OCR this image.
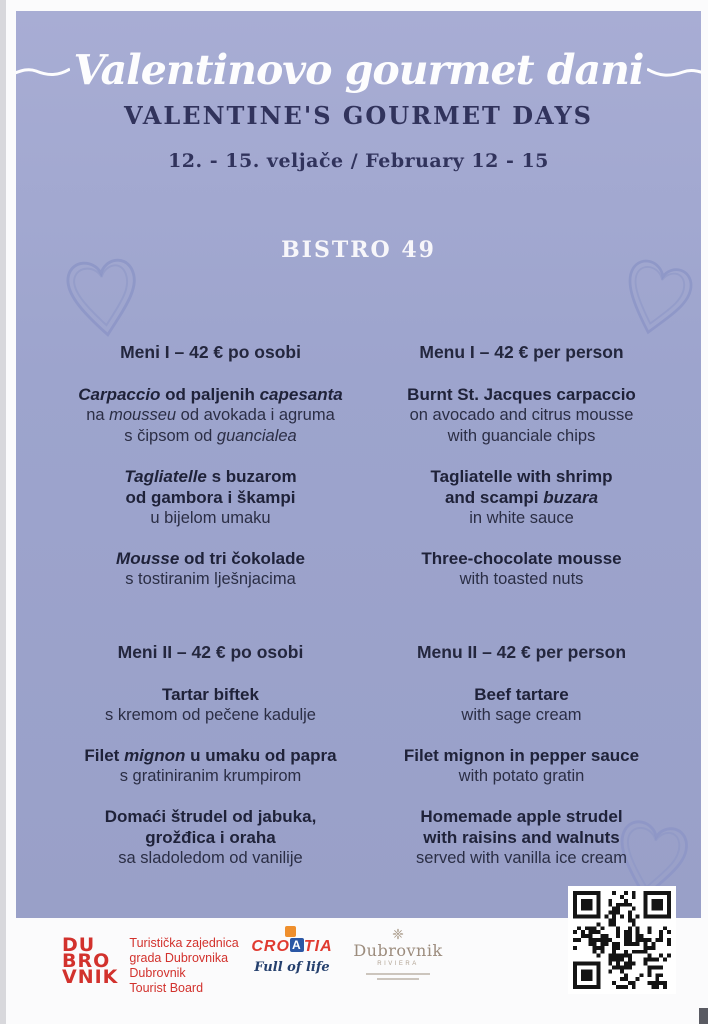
Valentinovo gourmet dani
VALENTINE'S GOURMET DAYS
12. - 15. veljače / February 12 - 15
BISTRO 49
Meni I – 42 € po osobi
Carpaccio od paljenih capesanta
na mousseu od avokada i agruma
s čipsom od guancialea
Tagliatelle s buzarom
od gambora i škampi
u bijelom umaku
Mousse od tri čokolade
s tostiranim lješnjacima
Meni II – 42 € po osobi
Tartar biftek
s kremom od pečene kadulje
Filet mignon u umaku od papra
s gratiniranim krumpirom
Domaći štrudel od jabuka,
grožđica i oraha
sa sladoledom od vanilije
Menu I – 42 € per person
Burnt St. Jacques carpaccio
on avocado and citrus mousse
with guanciale chips
Tagliatelle with shrimp
and scampi buzara
in white sauce
Three-chocolate mousse
with toasted nuts
Menu II – 42 € per person
Beef tartare
with sage cream
Filet mignon in pepper sauce
with potato gratin
Homemade apple strudel
with raisins and walnuts
served with vanilla ice cream
DU
BRO
VNIK
Turistička zajednica
grada Dubrovnika
Dubrovnik
Tourist Board
CRO A TIA
Full of life
❈
Dubrovnik
RIVIERA
